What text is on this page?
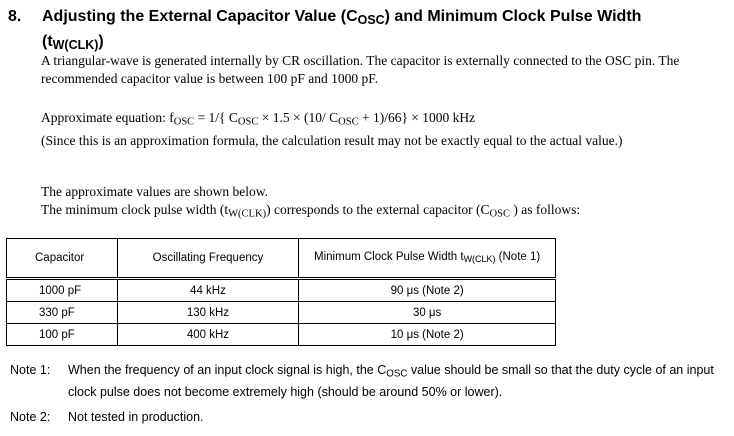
8. Adjusting the External Capacitor Value $(C_{OSC})$ and Minimum Clock Pulse Width
$(t_{W(CLK)})$

A triangular-wave is generated internally by CR oscillation. The capacitor is externally connected to the OSC pin. The recommended capacitor value is between 100 pF and 1000 pF.

Approximate equation: $f_{OSC} = 1/${ $C_{OSC} \times 1.5 \times (10/$ $C_{OSC} + 1)/66\} \times 1000$ kHz
(Since this is an approximation formula, the calculation result may not be exactly equal to the actual value.)
The approximate values are shown below.
The minimum clock pulse width $(t_{W(CLK)})$ corresponds to the external capacitor ($C_{OSC}$ ) as follows:
Capacitor	Oscillating Frequency	Minimum Clock Pulse Width $t_{W(CLK)}$ (Note 1)
1000 pF	44 kHz	90 μs (Note 2)
330 pF	130 kHz	30 μs
100 pF	400 kHz	10 μs (Note 2)
Note 1:	When the frequency of an input clock signal is high, the $C_{OSC}$ value should be small so that the duty cycle of an input clock pulse does not become extremely high (should be around 50% or lower).
Note 2:	Not tested in production.
